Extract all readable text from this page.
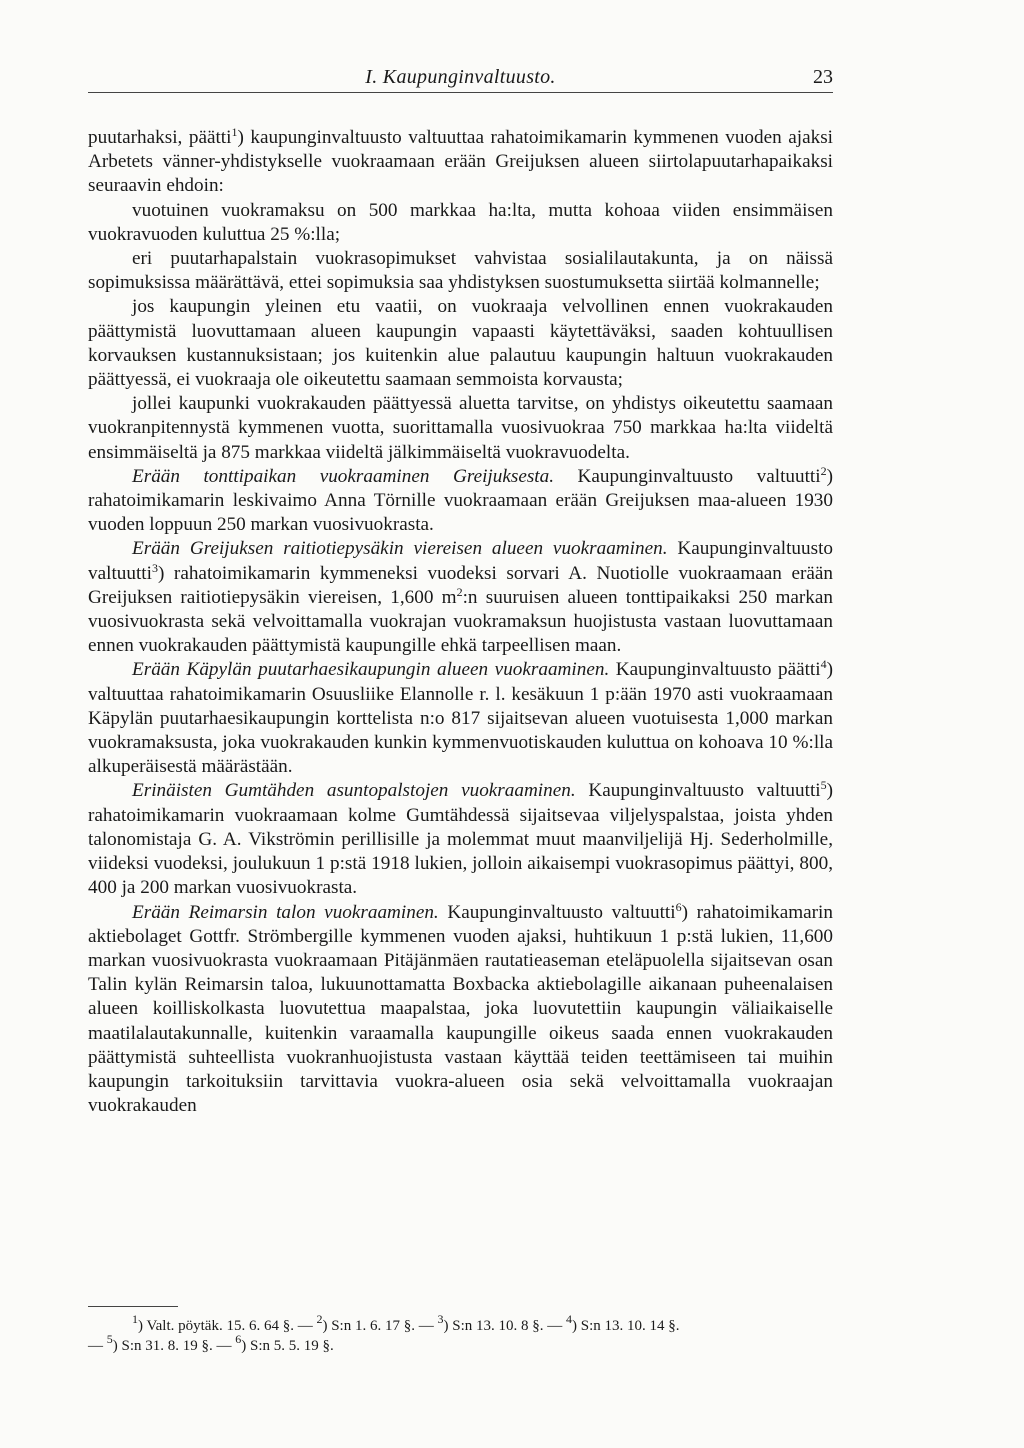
I. Kaupunginvaltuusto.	23

puutarhaksi, päätti$^1$) kaupunginvaltuusto valtuuttaa rahatoimikamarin kymmenen vuoden ajaksi Arbetets vänner-yhdistykselle vuokraamaan erään Greijuksen alueen siirtolapuutarhapaikaksi seuraavin ehdoin:

vuotuinen vuokramaksu on 500 markkaa ha:lta, mutta kohoaa viiden ensimmäisen vuokravuoden kuluttua 25 %:lla;

eri puutarhapalstain vuokrasopimukset vahvistaa sosialilautakunta, ja on näissä sopimuksissa määrättävä, ettei sopimuksia saa yhdistyksen suostumuksetta siirtää kolmannelle;

jos kaupungin yleinen etu vaatii, on vuokraaja velvollinen ennen vuokrakauden päättymistä luovuttamaan alueen kaupungin vapaasti käytettäväksi, saaden kohtuullisen korvauksen kustannuksistaan; jos kuitenkin alue palautuu kaupungin haltuun vuokrakauden päättyessä, ei vuokraaja ole oikeutettu saamaan semmoista korvausta;

jollei kaupunki vuokrakauden päättyessä aluetta tarvitse, on yhdistys oikeutettu saamaan vuokranpitennystä kymmenen vuotta, suorittamalla vuosivuokraa 750 markkaa ha:lta viideltä ensimmäiseltä ja 875 markkaa viideltä jälkimmäiseltä vuokravuodelta.

Erään tonttipaikan vuokraaminen Greijuksesta. Kaupunginvaltuusto valtuutti$^2$) rahatoimikamarin leskivaimo Anna Törnille vuokraamaan erään Greijuksen maa-alueen 1930 vuoden loppuun 250 markan vuosivuokrasta.

Erään Greijuksen raitiotiepysäkin viereisen alueen vuokraaminen. Kaupunginvaltuusto valtuutti$^3$) rahatoimikamarin kymmeneksi vuodeksi sorvari A. Nuotiolle vuokraamaan erään Greijuksen raitiotiepysäkin viereisen, 1,600 $m^2:n$ suuruisen alueen tonttipaikaksi 250 markan vuosivuokrasta sekä velvoittamalla vuokrajan vuokramaksun huojistusta vastaan luovuttamaan ennen vuokrakauden päättymistä kaupungille ehkä tarpeellisen maan.

Erään Käpylän puutarhaesikaupungin alueen vuokraaminen. Kaupunginvaltuusto päätti$^4$) valtuuttaa rahatoimikamarin Osuusliike Elannolle r. l. kesäkuun 1 p:ään 1970 asti vuokraamaan Käpylän puutarhaesikaupungin korttelista n:o 817 sijaitsevan alueen vuotuisesta 1,000 markan vuokramaksusta, joka vuokrakauden kunkin kymmenvuotiskauden kuluttua on kohoava 10 %:lla alkuperäisestä määrästään.

Erinäisten Gumtähden asuntopalstojen vuokraaminen. Kaupunginvaltuusto valtuutti$^5$) rahatoimikamarin vuokraamaan kolme Gumtähdessä sijaitsevaa viljelyspalstaa, joista yhden talonomistaja G. A. Vikströmin perillisille ja molemmat muut maanviljelijä Hj. Sederholmille, viideksi vuodeksi, joulukuun 1 p:stä 1918 lukien, jolloin aikaisempi vuokrasopimus päättyi, 800, 400 ja 200 markan vuosivuokrasta.

Erään Reimarsin talon vuokraaminen. Kaupunginvaltuusto valtuutti$^6$) rahatoimikamarin aktiebolaget Gottfr. Strömbergille kymmenen vuoden ajaksi, huhtikuun 1 p:stä lukien, 11,600 markan vuosivuokrasta vuokraamaan Pitäjänmäen rautatieaseman eteläpuolella sijaitsevan osan Talin kylän Reimarsin taloa, lukuunottamatta Boxbacka aktiebolagille aikanaan puheenalaisen alueen koilliskolkasta luovutettua maapalstaa, joka luovutettiin kaupungin väliaikaiselle maatilalautakunnalle, kuitenkin varaamalla kaupungille oikeus saada ennen vuokrakauden päättymistä suhteellista vuokranhuojistusta vastaan käyttää teiden teettämiseen tai muihin kaupungin tarkoituksiin tarvittavia vuokra-alueen osia sekä velvoittamalla vuokraajan vuokrakauden

$^1$) Valt. pöytäk. 15. 6. 64 §. — $^2$) S:n 1. 6. 17 §. — $^3$) S:n 13. 10. 8 §. — $^4$) S:n 13. 10. 14 §.

— $^5$) S:n 31. 8. 19 §. — $^6$) S:n 5. 5. 19 §.
